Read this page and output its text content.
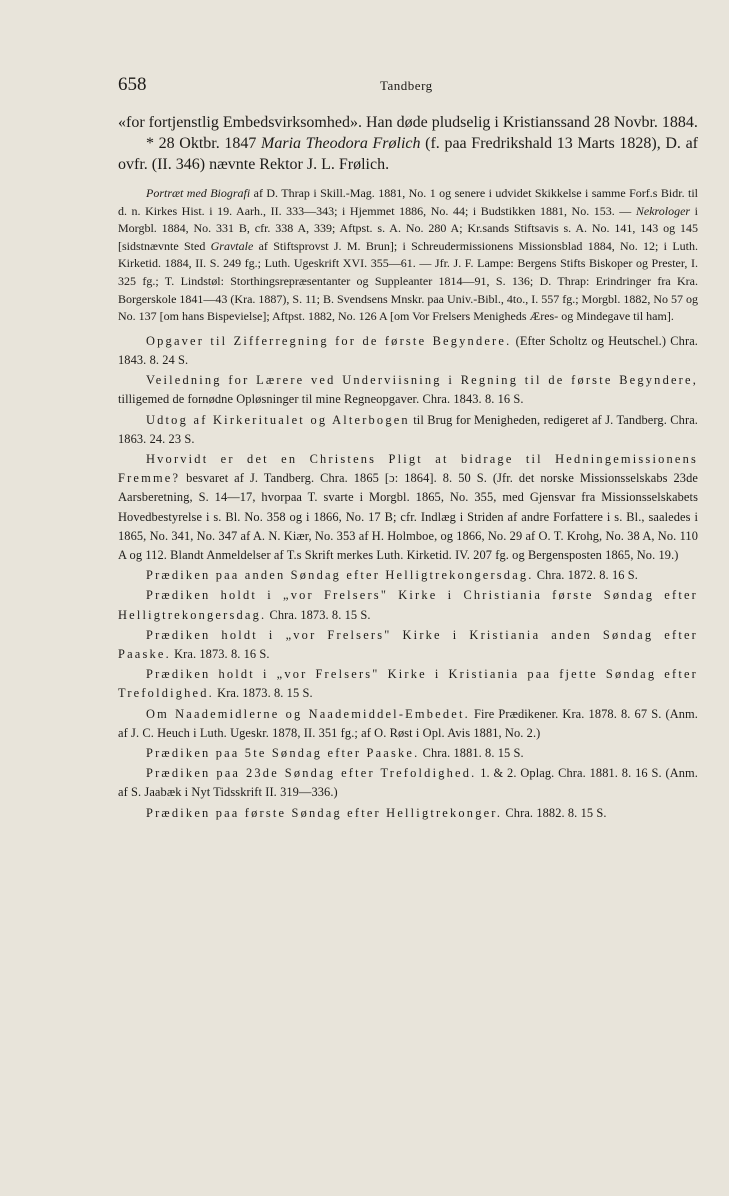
658	Tandberg

«for fortjenstlig Embedsvirksomhed». Han døde pludselig i Kristianssand 28 Novbr. 1884.

* 28 Oktbr. 1847 Maria Theodora Frølich (f. paa Fredrikshald 13 Marts 1828), D. af ovfr. (II. 346) nævnte Rektor J. L. Frølich.

Portræt med Biografi af D. Thrap i Skill.-Mag. 1881, No. 1 og senere i udvidet Skikkelse i samme Forf.s Bidr. til d. n. Kirkes Hist. i 19. Aarh., II. 333—343; i Hjemmet 1886, No. 44; i Budstikken 1881, No. 153. — Nekrologer i Morgbl. 1884, No. 331 B, cfr. 338 A, 339; Aftpst. s. A. No. 280 A; Kr.sands Stiftsavis s. A. No. 141, 143 og 145 [sidstnævnte Sted Gravtale af Stiftsprovst J. M. Brun]; i Schreudermissionens Missionsblad 1884, No. 12; i Luth. Kirketid. 1884, II. S. 249 fg.; Luth. Ugeskrift XVI. 355—61. — Jfr. J. F. Lampe: Bergens Stifts Biskoper og Prester, I. 325 fg.; T. Lindstøl: Storthingsrepræsentanter og Suppleanter 1814—91, S. 136; D. Thrap: Erindringer fra Kra. Borgerskole 1841—43 (Kra. 1887), S. 11; B. Svendsens Mnskr. paa Univ.-Bibl., 4to., I. 557 fg.; Morgbl. 1882, No 57 og No. 137 [om hans Bispevielse]; Aftpst. 1882, No. 126 A [om Vor Frelsers Menigheds Æres- og Mindegave til ham].

Opgaver til Zifferregning for de første Begyndere. (Efter Scholtz og Heutschel.) Chra. 1843. 8. 24 S.

Veiledning for Lærere ved Underviisning i Regning til de første Begyndere, tilligemed de fornødne Opløsninger til mine Regneopgaver. Chra. 1843. 8. 16 S.

Udtog af Kirkeritualet og Alterbogen til Brug for Menigheden, redigeret af J. Tandberg. Chra. 1863. 24. 23 S.

Hvorvidt er det en Christens Pligt at bidrage til Hedningemissionens Fremme? besvaret af J. Tandberg. Chra. 1865 [ɔ: 1864]. 8. 50 S. (Jfr. det norske Missionsselskabs 23de Aarsberetning, S. 14—17, hvorpaa T. svarte i Morgbl. 1865, No. 355, med Gjensvar fra Missionsselskabets Hovedbestyrelse i s. Bl. No. 358 og i 1866, No. 17 B; cfr. Indlæg i Striden af andre Forfattere i s. Bl., saaledes i 1865, No. 341, No. 347 af A. N. Kiær, No. 353 af H. Holmboe, og 1866, No. 29 af O. T. Krohg, No. 38 A, No. 110 A og 112. Blandt Anmeldelser af T.s Skrift merkes Luth. Kirketid. IV. 207 fg. og Bergensposten 1865, No. 19.)

Prædiken paa anden Søndag efter Helligtrekongersdag. Chra. 1872. 8. 16 S.

Prædiken holdt i „vor Frelsers" Kirke i Christiania første Søndag efter Helligtrekongersdag. Chra. 1873. 8. 15 S.

Prædiken holdt i „vor Frelsers" Kirke i Kristiania anden Søndag efter Paaske. Kra. 1873. 8. 16 S.

Prædiken holdt i „vor Frelsers" Kirke i Kristiania paa fjette Søndag efter Trefoldighed. Kra. 1873. 8. 15 S.

Om Naademidlerne og Naademiddel-Embedet. Fire Prædikener. Kra. 1878. 8. 67 S. (Anm. af J. C. Heuch i Luth. Ugeskr. 1878, II. 351 fg.; af O. Røst i Opl. Avis 1881, No. 2.)

Prædiken paa 5te Søndag efter Paaske. Chra. 1881. 8. 15 S.

Prædiken paa 23de Søndag efter Trefoldighed. 1. & 2. Oplag. Chra. 1881. 8. 16 S. (Anm. af S. Jaabæk i Nyt Tidsskrift II. 319—336.)

Prædiken paa første Søndag efter Helligtrekonger. Chra. 1882. 8. 15 S.
